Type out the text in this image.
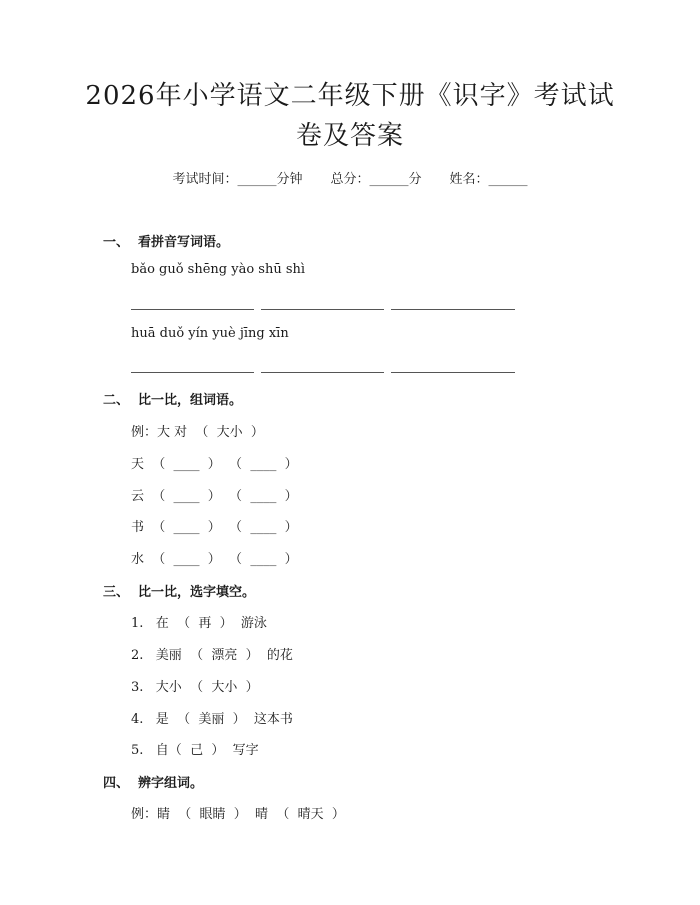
2026年小学语文二年级下册《识字》考试试
卷及答案
考试时间：______分钟 总分：______分 姓名：______
一、  看拼音写词语。
bǎo guǒ shēng yào shū shì
huā duǒ yín yuè jīng xīn
二、  比一比，组词语。
例：大 对  （  大小  ）
天  （  ____  ）  （  ____  ）
云  （  ____  ）  （  ____  ）
书  （  ____  ）  （  ____  ）
水  （  ____  ）  （  ____  ）
三、  比一比，选字填空。
1.   在  （  再  ）  游泳
2.   美丽  （  漂亮  ）  的花
3.   大小  （  大小  ）
4.   是  （  美丽  ）  这本书
5.   自（  己  ）  写字
四、  辨字组词。
例：睛  （  眼睛  ）  晴  （  晴天  ）
